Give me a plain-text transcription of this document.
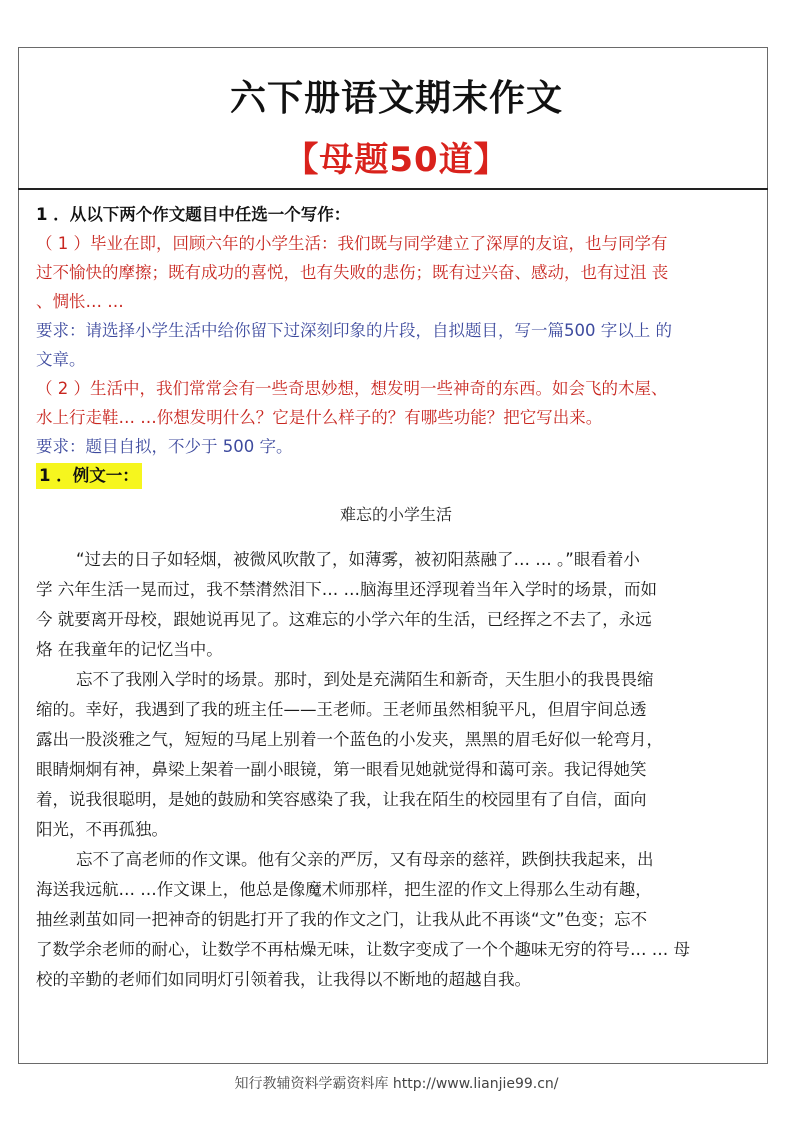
六下册语文期末作文
【母题50道】
1 ．从以下两个作文题目中任选一个写作：
（ 1 ）毕业在即，回顾六年的小学生活：我们既与同学建立了深厚的友谊，也与同学有
过不愉快的摩擦；既有成功的喜悦，也有失败的悲伤；既有过兴奋、感动，也有过沮 丧
、惆怅… …
要求：请选择小学生活中给你留下过深刻印象的片段，自拟题目，写一篇500 字以上 的
文章。
（ 2 ）生活中，我们常常会有一些奇思妙想，想发明一些神奇的东西。如会飞的木屋、
水上行走鞋… …你想发明什么？它是什么样子的？有哪些功能？把它写出来。
要求：题目自拟，不少于 500 字。
1 ．例文一：
难忘的小学生活
“过去的日子如轻烟，被微风吹散了，如薄雾，被初阳蒸融了… … 。”眼看着小
学 六年生活一晃而过，我不禁潸然泪下… …脑海里还浮现着当年入学时的场景，而如
今 就要离开母校，跟她说再见了。这难忘的小学六年的生活，已经挥之不去了，永远
烙 在我童年的记忆当中。
忘不了我刚入学时的场景。那时，到处是充满陌生和新奇，天生胆小的我畏畏缩
缩的。幸好，我遇到了我的班主任——王老师。王老师虽然相貌平凡，但眉宇间总透
露出一股淡雅之气，短短的马尾上别着一个蓝色的小发夹，黑黑的眉毛好似一轮弯月，
眼睛炯炯有神，鼻梁上架着一副小眼镜，第一眼看见她就觉得和蔼可亲。我记得她笑
着，说我很聪明，是她的鼓励和笑容感染了我，让我在陌生的校园里有了自信，面向
阳光，不再孤独。
忘不了高老师的作文课。他有父亲的严厉，又有母亲的慈祥，跌倒扶我起来，出
海送我远航… …作文课上，他总是像魔术师那样，把生涩的作文上得那么生动有趣，
抽丝剥茧如同一把神奇的钥匙打开了我的作文之门，让我从此不再谈“文”色变；忘不
了数学余老师的耐心，让数学不再枯燥无味，让数字变成了一个个趣味无穷的符号… … 母
校的辛勤的老师们如同明灯引领着我，让我得以不断地的超越自我。
知行教辅资料学霸资料库 http://www.lianjie99.cn/
